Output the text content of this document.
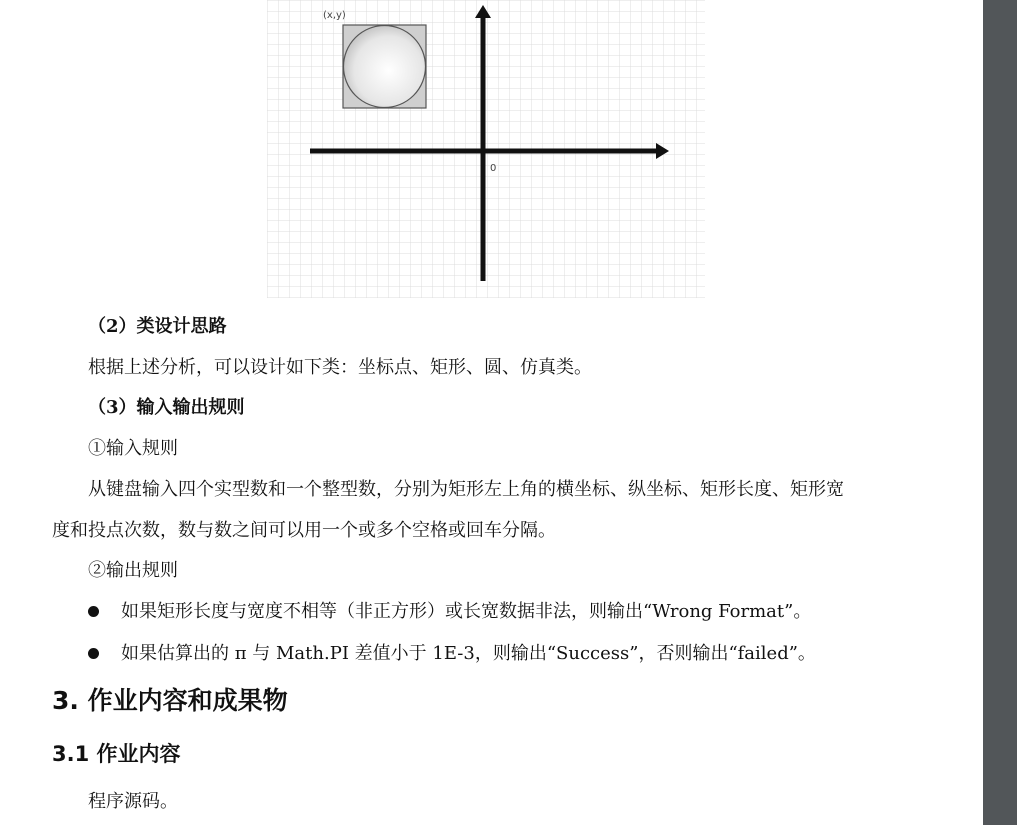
(x,y)
0
（2）类设计思路
根据上述分析，可以设计如下类：坐标点、矩形、圆、仿真类。
（3）输入输出规则
①输入规则
从键盘输入四个实型数和一个整型数，分别为矩形左上角的横坐标、纵坐标、矩形长度、矩形宽
度和投点次数，数与数之间可以用一个或多个空格或回车分隔。
②输出规则
如果矩形长度与宽度不相等（非正方形）或长宽数据非法，则输出“Wrong Format”。
如果估算出的 π 与 Math.PI 差值小于 1E-3，则输出“Success”，否则输出“failed”。
3. 作业内容和成果物
3.1 作业内容
程序源码。
